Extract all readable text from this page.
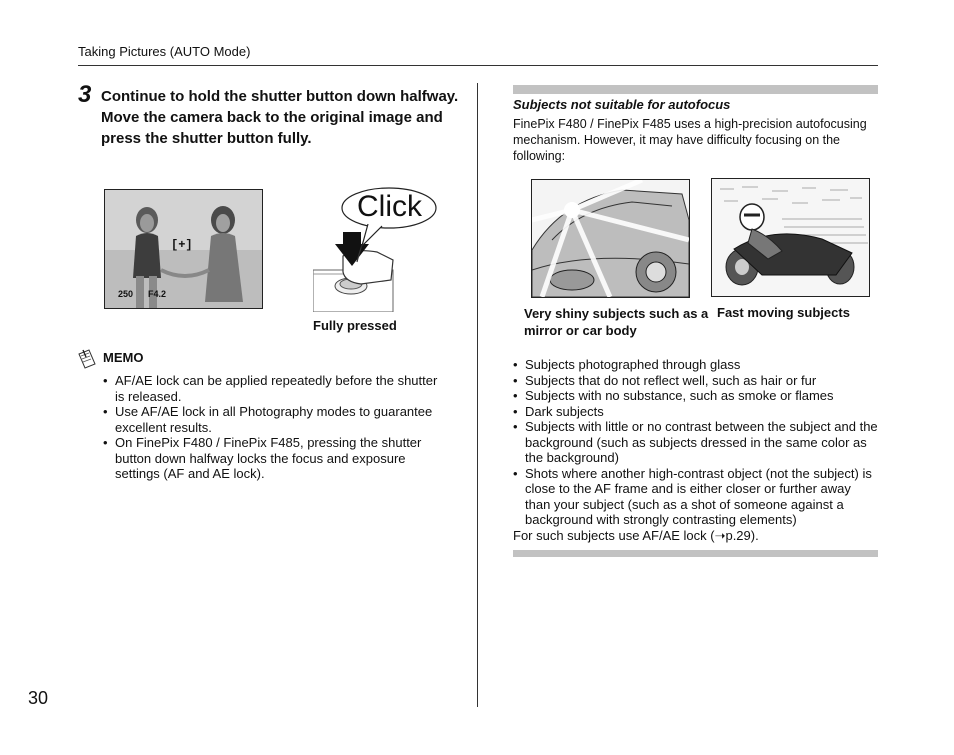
Taking Pictures (AUTO Mode)
30
3 Continue to hold the shutter button down halfway. Move the camera back to the original image and press the shutter button fully.
[+]
250 F4.2
Click
Fully pressed
MEMO
• AF/AE lock can be applied repeatedly before the shutter is released.
• Use AF/AE lock in all Photography modes to guarantee excellent results.
• On FinePix F480 / FinePix F485, pressing the shutter button down halfway locks the focus and exposure settings (AF and AE lock).
Subjects not suitable for autofocus
FinePix F480 / FinePix F485 uses a high-precision autofocusing mechanism. However, it may have difficulty focusing on the following:
Very shiny subjects such as a mirror or car body
Fast moving subjects
• Subjects photographed through glass
• Subjects that do not reflect well, such as hair or fur
• Subjects with no substance, such as smoke or flames
• Dark subjects
• Subjects with little or no contrast between the subject and the background (such as subjects dressed in the same color as the background)
• Shots where another high-contrast object (not the subject) is close to the AF frame and is either closer or further away than your subject (such as a shot of someone against a background with strongly contrasting elements)
For such subjects use AF/AE lock (➝p.29).
